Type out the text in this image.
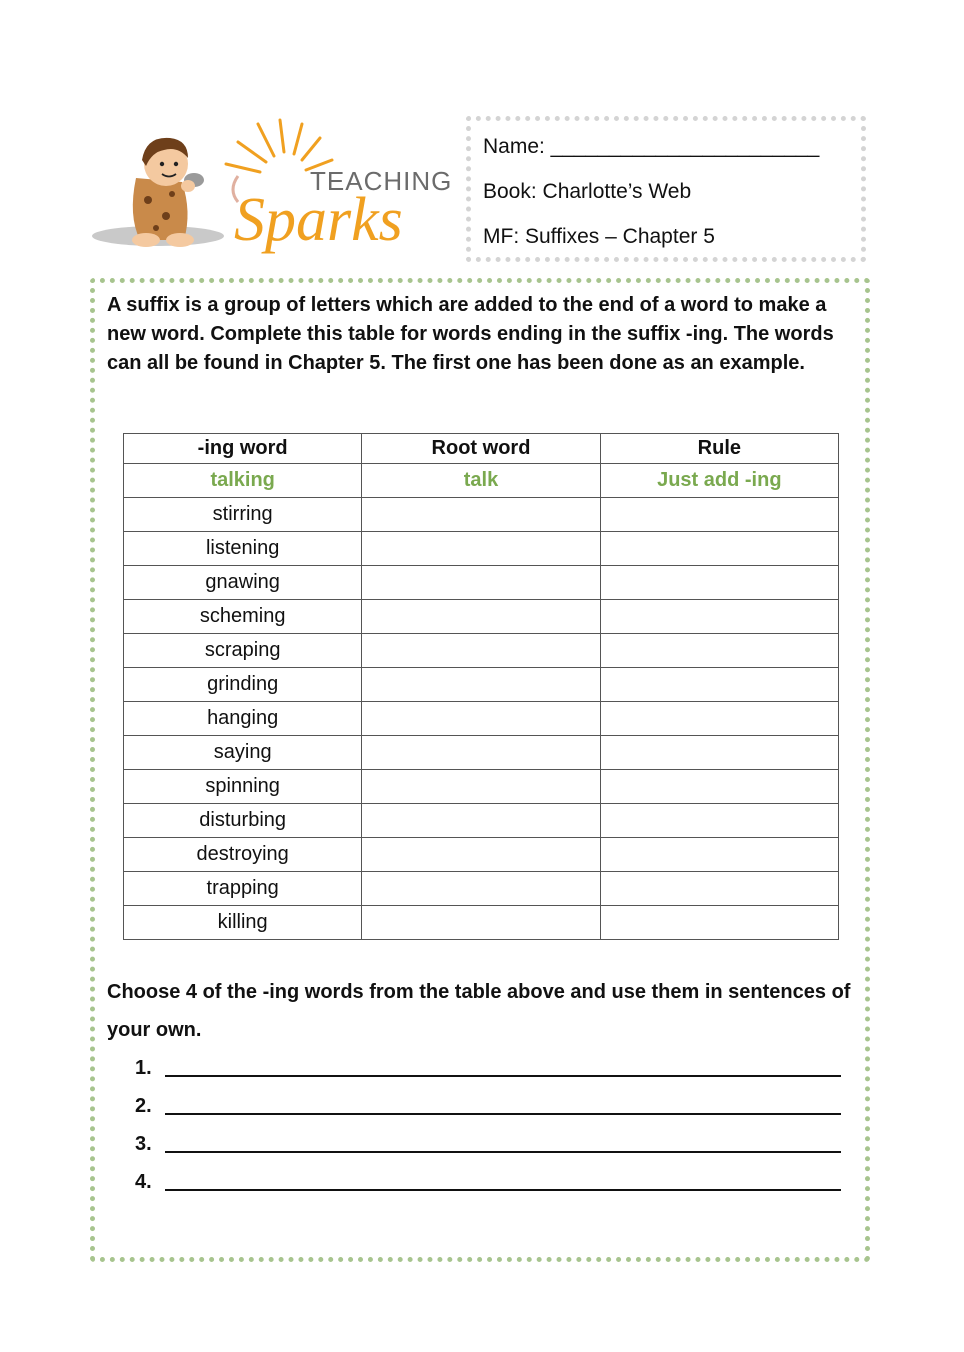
TEACHING
Sparks
Name: _______________________
Book: Charlotte’s Web
MF: Suffixes – Chapter 5

A suffix is a group of letters which are added to the end of a word to make a new word. Complete this table for words ending in the suffix -ing. The words can all be found in Chapter 5. The first one has been done as an example.

-ing word	Root word	Rule
talking	talk	Just add -ing
stirring		
listening		
gnawing		
scheming		
scraping		
grinding		
hanging		
saying		
spinning		
disturbing		
destroying		
trapping		
killing		

Choose 4 of the -ing words from the table above and use them in sentences of your own.

1.
2.
3.
4.
